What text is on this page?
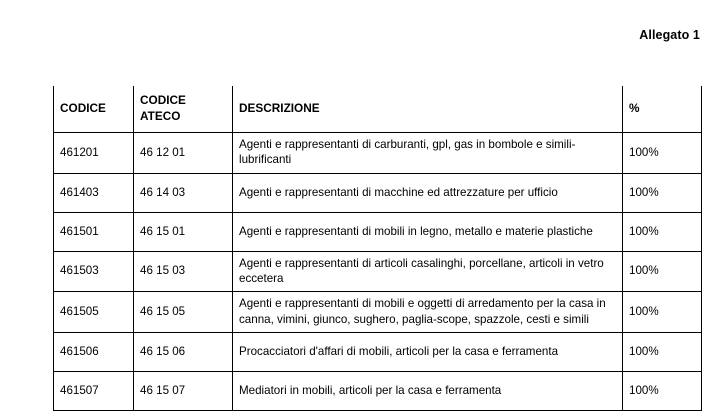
Allegato 1
CODICE	CODICE ATECO	DESCRIZIONE	%
461201	46 12 01	Agenti e rappresentanti di carburanti, gpl, gas in bombole e simili-lubrificanti	100%
461403	46 14 03	Agenti e rappresentanti di macchine ed attrezzature per ufficio	100%
461501	46 15 01	Agenti e rappresentanti di mobili in legno, metallo e materie plastiche	100%
461503	46 15 03	Agenti e rappresentanti di articoli casalinghi, porcellane, articoli in vetro eccetera	100%
461505	46 15 05	Agenti e rappresentanti di mobili e oggetti di arredamento per la casa in canna, vimini, giunco, sughero, paglia-scope, spazzole, cesti e simili	100%
461506	46 15 06	Procacciatori d'affari di mobili, articoli per la casa e ferramenta	100%
461507	46 15 07	Mediatori in mobili, articoli per la casa e ferramenta	100%
